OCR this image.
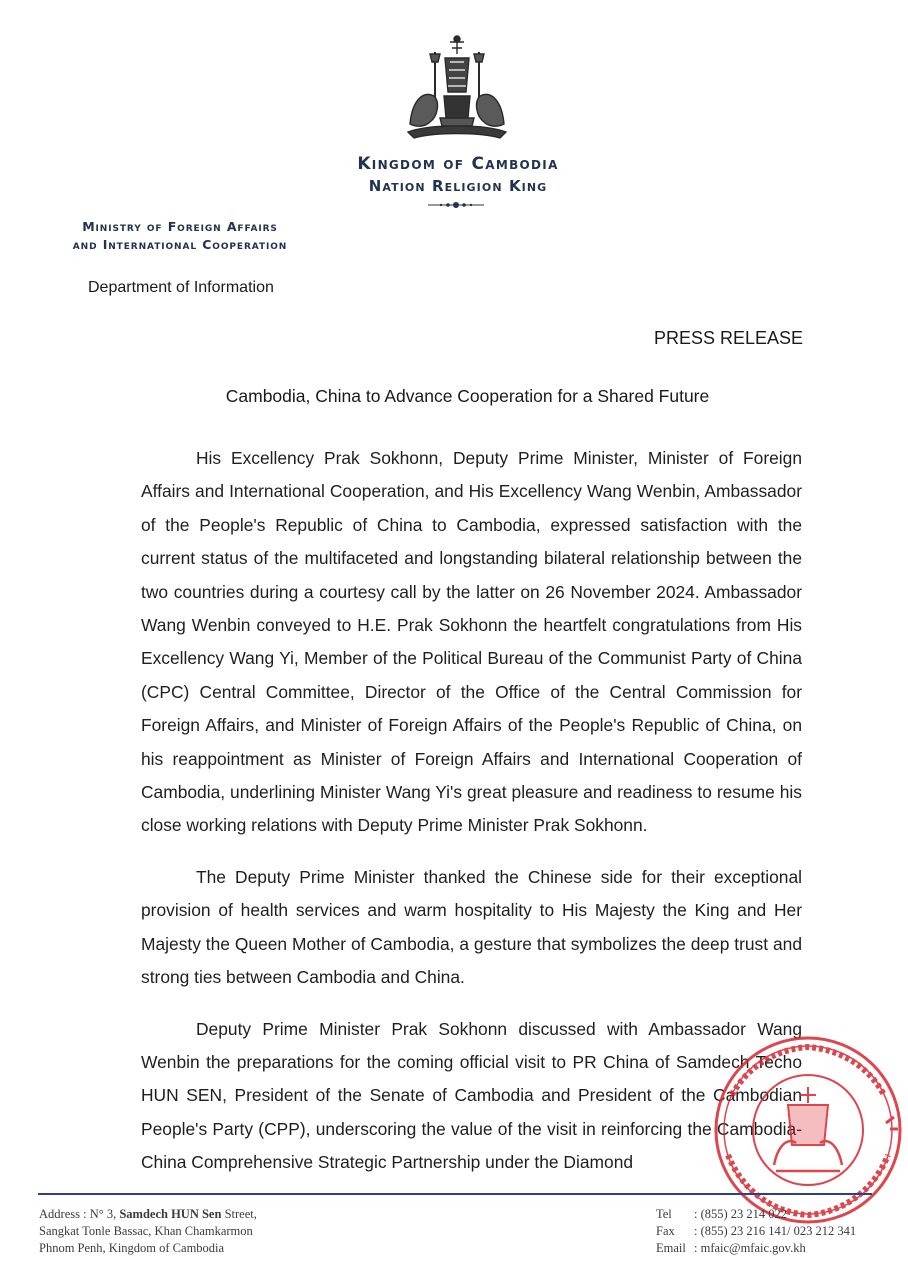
Kingdom of Cambodia
Nation Religion King
Ministry of Foreign Affairs
and International Cooperation
Department of Information
PRESS RELEASE
Cambodia, China to Advance Cooperation for a Shared Future

His Excellency Prak Sokhonn, Deputy Prime Minister, Minister of Foreign Affairs and International Cooperation, and His Excellency Wang Wenbin, Ambassador of the People's Republic of China to Cambodia, expressed satisfaction with the current status of the multifaceted and longstanding bilateral relationship between the two countries during a courtesy call by the latter on 26 November 2024. Ambassador Wang Wenbin conveyed to H.E. Prak Sokhonn the heartfelt congratulations from His Excellency Wang Yi, Member of the Political Bureau of the Communist Party of China (CPC) Central Committee, Director of the Office of the Central Commission for Foreign Affairs, and Minister of Foreign Affairs of the People's Republic of China, on his reappointment as Minister of Foreign Affairs and International Cooperation of Cambodia, underlining Minister Wang Yi's great pleasure and readiness to resume his close working relations with Deputy Prime Minister Prak Sokhonn.

The Deputy Prime Minister thanked the Chinese side for their exceptional provision of health services and warm hospitality to His Majesty the King and Her Majesty the Queen Mother of Cambodia, a gesture that symbolizes the deep trust and strong ties between Cambodia and China.

Deputy Prime Minister Prak Sokhonn discussed with Ambassador Wang Wenbin the preparations for the coming official visit to PR China of Samdech Techo HUN SEN, President of the Senate of Cambodia and President of the Cambodian People's Party (CPP), underscoring the value of the visit in reinforcing the Cambodia-China Comprehensive Strategic Partnership under the Diamond

Address : N° 3, Samdech HUN Sen Street,
Sangkat Tonle Bassac, Khan Chamkarmon
Phnom Penh, Kingdom of Cambodia
Tel : (855) 23 214 022
Fax : (855) 23 216 141/ 023 212 341
Email : mfaic@mfaic.gov.kh
